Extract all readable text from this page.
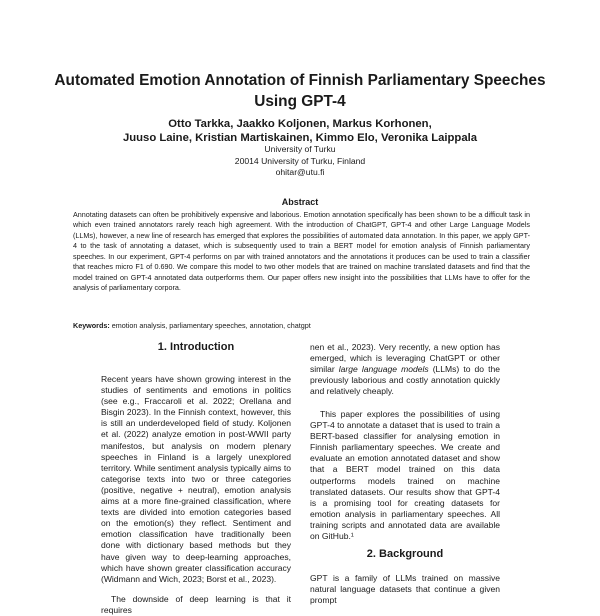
Automated Emotion Annotation of Finnish Parliamentary Speeches Using GPT-4
Otto Tarkka, Jaakko Koljonen, Markus Korhonen,
Juuso Laine, Kristian Martiskainen, Kimmo Elo, Veronika Laippala
University of Turku
20014 University of Turku, Finland
ohitar@utu.fi
Abstract

Annotating datasets can often be prohibitively expensive and laborious. Emotion annotation specifically has been shown to be a difficult task in which even trained annotators rarely reach high agreement. With the introduction of ChatGPT, GPT-4 and other Large Language Models (LLMs), however, a new line of research has emerged that explores the possibilities of automated data annotation. In this paper, we apply GPT-4 to the task of annotating a dataset, which is subsequently used to train a BERT model for emotion analysis of Finnish parliamentary speeches. In our experiment, GPT-4 performs on par with trained annotators and the annotations it produces can be used to train a classifier that reaches micro F1 of 0.690. We compare this model to two other models that are trained on machine translated datasets and find that the model trained on GPT-4 annotated data outperforms them. Our paper offers new insight into the possibilities that LLMs have to offer for the analysis of parliamentary corpora.

Keywords: emotion analysis, parliamentary speeches, annotation, chatgpt

1. Introduction

Recent years have shown growing interest in the studies of sentiments and emotions in politics (see e.g., Fraccaroli et al. 2022; Orellana and Bisgin 2023). In the Finnish context, however, this is still an underdeveloped field of study. Koljonen et al. (2022) analyze emotion in post-WWII party manifestos, but analysis on modern plenary speeches in Finland is a largely unexplored territory. While sentiment analysis typically aims to categorise texts into two or three categories (positive, negative + neutral), emotion analysis aims at a more fine-grained classification, where texts are divided into emotion categories based on the emotion(s) they reflect. Sentiment and emotion classification have traditionally been done with dictionary based methods but they have given way to deep-learning approaches, which have shown greater classification accuracy (Widmann and Wich, 2023; Borst et al., 2023).

The downside of deep learning is that it requires

nen et al., 2023). Very recently, a new option has emerged, which is leveraging ChatGPT or other similar large language models (LLMs) to do the previously laborious and costly annotation quickly and relatively cheaply.

This paper explores the possibilities of using GPT-4 to annotate a dataset that is used to train a BERT-based classifier for analysing emotion in Finnish parliamentary speeches. We create and evaluate an emotion annotated dataset and show that a BERT model trained on this data outperforms models trained on machine translated datasets. Our results show that GPT-4 is a promising tool for creating datasets for emotion analysis in parliamentary speeches. All training scripts and annotated data are available on GitHub.¹

2. Background

GPT is a family of LLMs trained on massive natural language datasets that continue a given prompt
